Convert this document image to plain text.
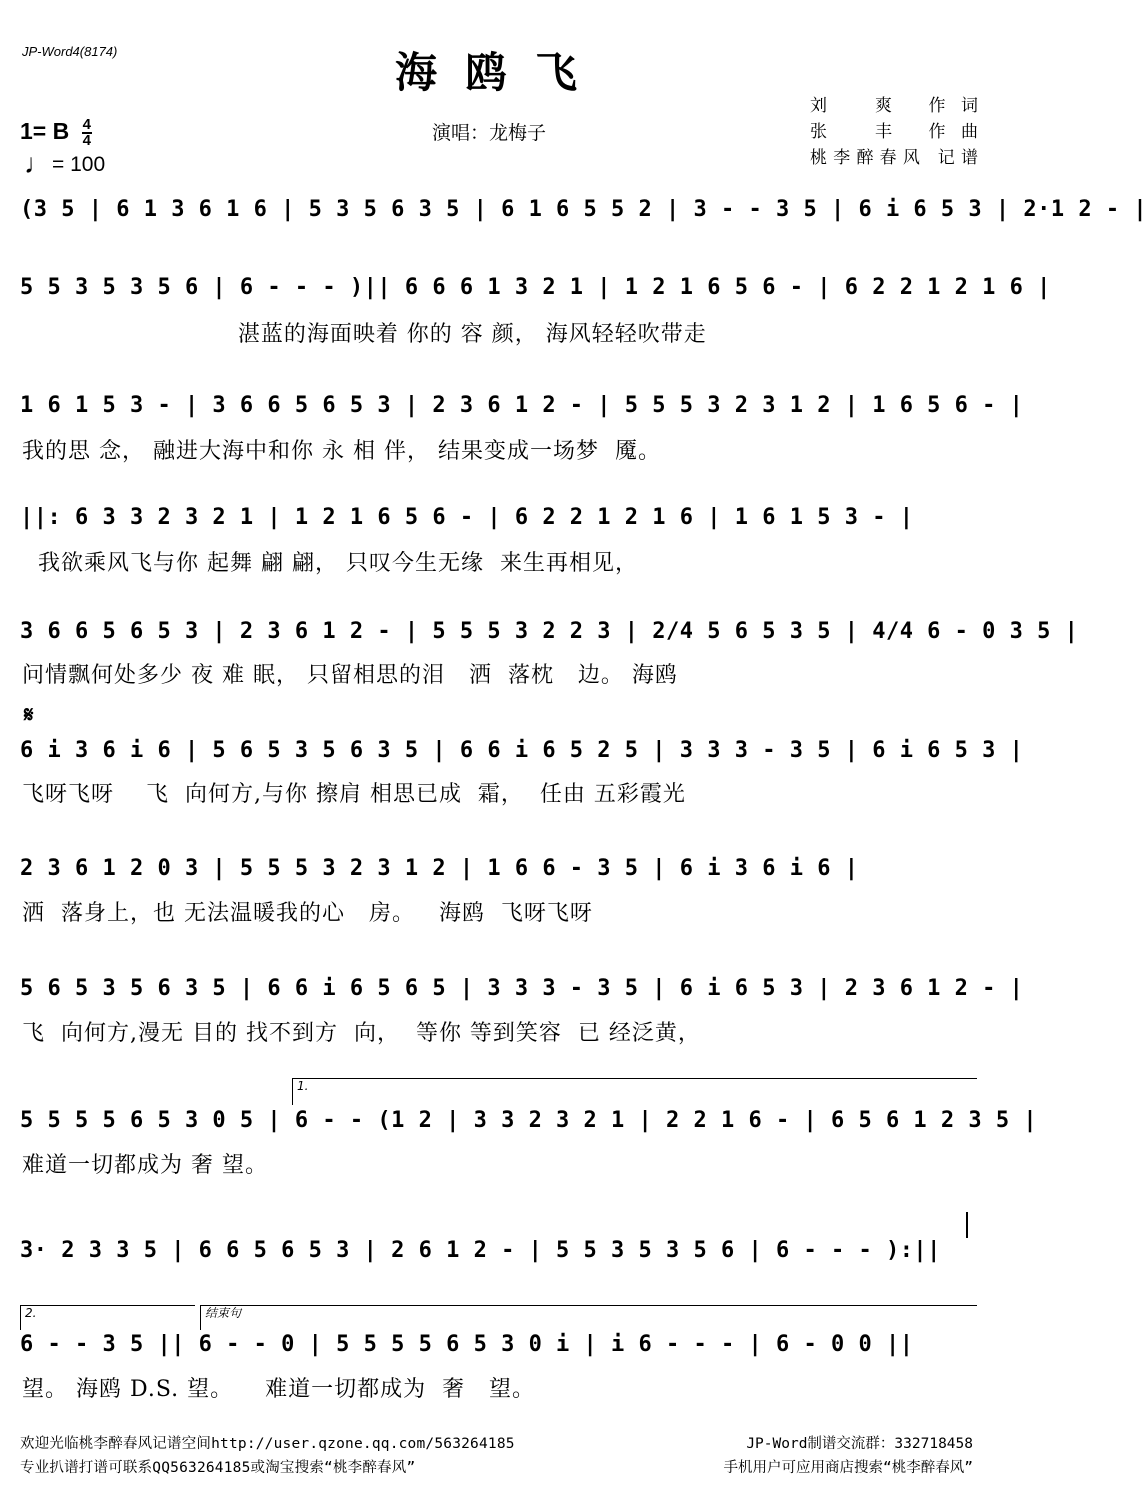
JP-Word4(8174)	海鸥飞
1= B $\frac{4}{4}$
♩= 100
演唱：龙梅子
刘　爽 作词
张　丰 作曲
桃李醉春风 记谱
(3 5 | 6 1 3 6 1 6 | 5 3 5 6 3 5 | 6 1 6 5 5 2 | 3 - - 3 5 | 6 i 6 5 3 | 2·1 2 - |
5 5 3 5 3 5 6 | 6 - - - )|| 6 6 6 1 3 2 1 | 1 2 1 6 5 6 - | 6 2 2 1 2 1 6 |
湛蓝的海面映着 你的 容 颜， 海风轻轻吹带走
1 6 1 5 3 - | 3 6 6 5 6 5 3 | 2 3 6 1 2 - | 5 5 5 3 2 3 1 2 | 1 6 5 6 - |
我的思 念， 融进大海中和你 永 相 伴， 结果变成一场梦  魇。
||: 6 3 3 2 3 2 1 | 1 2 1 6 5 6 - | 6 2 2 1 2 1 6 | 1 6 1 5 3 - |
我欲乘风飞与你 起舞 翩 翩， 只叹今生无缘  来生再相见，
3 6 6 5 6 5 3 | 2 3 6 1 2 - | 5 5 5 3 2 2 3 | 2/4 5 6 5 3 5 | 4/4 6 - 0 3 5 |
问情飘何处多少 夜 难 眠， 只留相思的泪   洒  落枕   边。 海鸥
𝄋
6 i 3 6 i 6 | 5 6 5 3 5 6 3 5 | 6 6 i 6 5 2 5 | 3 3 3 - 3 5 | 6 i 6 5 3 |
飞呀飞呀    飞  向何方,与你 擦肩 相思已成  霜，  任由 五彩霞光
2 3 6 1 2 0 3 | 5 5 5 3 2 3 1 2 | 1 6 6 - 3 5 | 6 i 3 6 i 6 |
洒  落身上，也 无法温暖我的心   房。   海鸥  飞呀飞呀
5 6 5 3 5 6 3 5 | 6 6 i 6 5 6 5 | 3 3 3 - 3 5 | 6 i 6 5 3 | 2 3 6 1 2 - |
飞  向何方,漫无 目的 找不到方  向，  等你 等到笑容  已 经泛黄，
1.
5 5 5 5 6 5 3 0 5 | 6 - - (1 2 | 3 3 2 3 2 1 | 2 2 1 6 - | 6 5 6 1 2 3 5 |
难道一切都成为 奢 望。
3· 2 3 3 5 | 6 6 5 6 5 3 | 2 6 1 2 - | 5 5 3 5 3 5 6 | 6 - - - ):||
2.	结束句
6 - - 3 5 || 6 - - 0 | 5 5 5 5 6 5 3 0 i | i 6 - - - | 6 - 0 0 ||
望。 海鸥 D.S. 望。    难道一切都成为  奢   望。
欢迎光临桃李醉春风记谱空间http://user.qzone.qq.com/563264185	JP-Word制谱交流群：332718458
专业扒谱打谱可联系QQ563264185或淘宝搜索“桃李醉春风”	手机用户可应用商店搜索“桃李醉春风”
